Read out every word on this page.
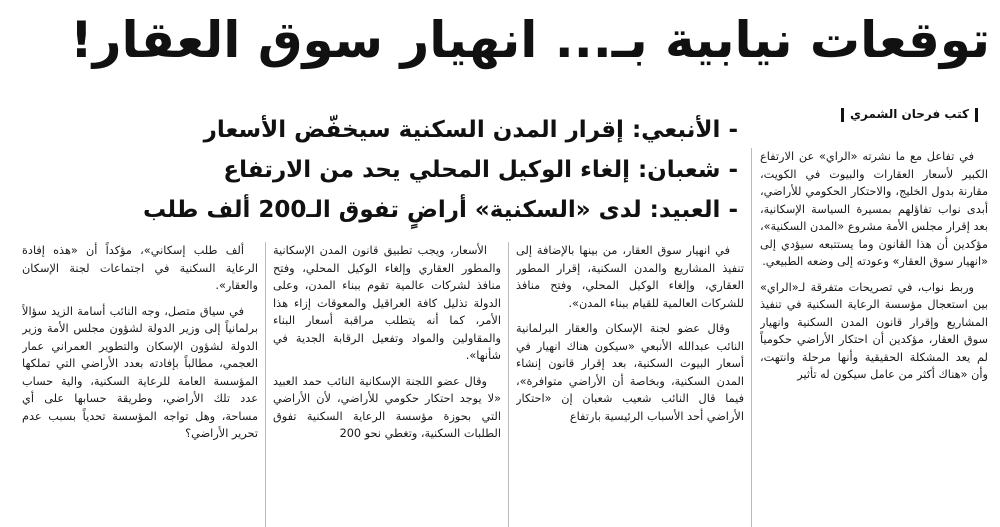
توقعات نيابية بـ... انهيار سوق العقار!
كتب فرحان الشمري
- الأنبعي: إقرار المدن السكنية سيخفّض الأسعار
- شعبان: إلغاء الوكيل المحلي يحد من الارتفاع
- العبيد: لدى «السكنية» أراضٍ تفوق الـ200 ألف طلب

في تفاعل مع ما نشرته «الراي» عن الارتفاع الكبير لأسعار العقارات والبيوت في الكويت، مقارنة بدول الخليج، والاحتكار الحكومي للأراضي، أبدى نواب تفاؤلهم بمسيرة السياسة الإسكانية، بعد إقرار مجلس الأمة مشروع «المدن السكنية»، مؤكدين أن هذا القانون وما يستتبعه سيؤدي إلى «انهيار سوق العقار» وعودته إلى وضعه الطبيعي.

وربط نواب، في تصريحات متفرقة لـ«الراي» بين استعجال مؤسسة الرعاية السكنية في تنفيذ المشاريع وإقرار قانون المدن السكنية وانهيار سوق العقار، مؤكدين أن احتكار الأراضي حكومياً لم يعد المشكلة الحقيقية وأنها مرحلة وانتهت، وأن «هناك أكثر من عامل سيكون له تأثير

في انهيار سوق العقار، من بينها بالإضافة إلى تنفيذ المشاريع والمدن السكنية، إقرار المطور العقاري، وإلغاء الوكيل المحلي، وفتح منافذ للشركات العالمية للقيام ببناء المدن».

وقال عضو لجنة الإسكان والعقار البرلمانية النائب عبدالله الأنبعي «سيكون هناك انهيار في أسعار البيوت السكنية، بعد إقرار قانون إنشاء المدن السكنية، وبخاصة أن الأراضي متوافرة»، فيما قال النائب شعيب شعبان إن «احتكار الأراضي أحد الأسباب الرئيسية بارتفاع

الأسعار، ويجب تطبيق قانون المدن الإسكانية والمطور العقاري وإلغاء الوكيل المحلي، وفتح منافذ لشركات عالمية تقوم ببناء المدن، وعلى الدولة تذليل كافة العراقيل والمعوقات إزاء هذا الأمر، كما أنه يتطلب مراقبة أسعار البناء والمقاولين والمواد وتفعيل الرقابة الجدية في شأنها».

وقال عضو اللجنة الإسكانية النائب حمد العبيد «لا يوجد احتكار حكومي للأراضي، لأن الأراضي التي بحوزة مؤسسة الرعاية السكنية تفوق الطلبات السكنية، وتغطي نحو 200

ألف طلب إسكاني»، مؤكداً أن «هذه إفادة الرعاية السكنية في اجتماعات لجنة الإسكان والعقار».

في سياق متصل، وجه النائب أسامة الزيد سؤالاً برلمانياً إلى وزير الدولة لشؤون مجلس الأمة وزير الدولة لشؤون الإسكان والتطوير العمراني عمار العجمي، مطالباً بإفادته بعدد الأراضي التي تملكها المؤسسة العامة للرعاية السكنية، والية حساب عدد تلك الأراضي، وطريقة حسابها على أي مساحة، وهل تواجه المؤسسة تحدياً بسبب عدم تحرير الأراضي؟
